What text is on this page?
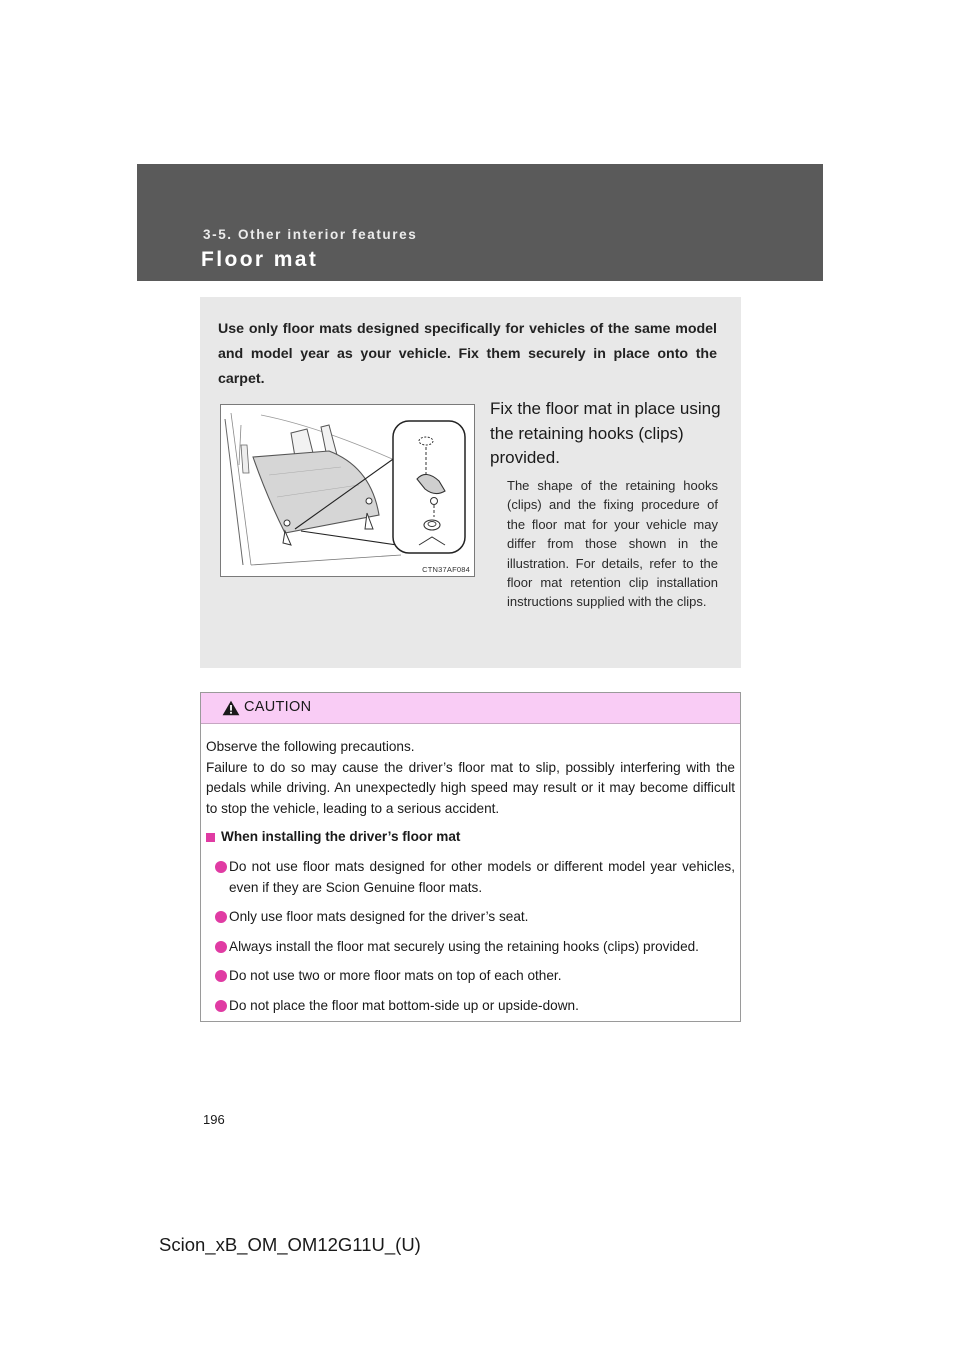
3-5. Other interior features
Floor mat
Use only floor mats designed specifically for vehicles of the same model and model year as your vehicle. Fix them securely in place onto the carpet.
CTN37AF084
Fix the floor mat in place using the retaining hooks (clips) provided.
The shape of the retaining hooks (clips) and the fixing procedure of the floor mat for your vehicle may differ from those shown in the illustration. For details, refer to the floor mat retention clip installation instructions supplied with the clips.
CAUTION

Observe the following precautions.

Failure to do so may cause the driver’s floor mat to slip, possibly interfering with the pedals while driving. An unexpectedly high speed may result or it may become difficult to stop the vehicle, leading to a serious accident.

When installing the driver’s floor mat
Do not use floor mats designed for other models or different model year vehicles, even if they are Scion Genuine floor mats.
Only use floor mats designed for the driver’s seat.
Always install the floor mat securely using the retaining hooks (clips) provided.
Do not use two or more floor mats on top of each other.
Do not place the floor mat bottom-side up or upside-down.
196
Scion_xB_OM_OM12G11U_(U)
